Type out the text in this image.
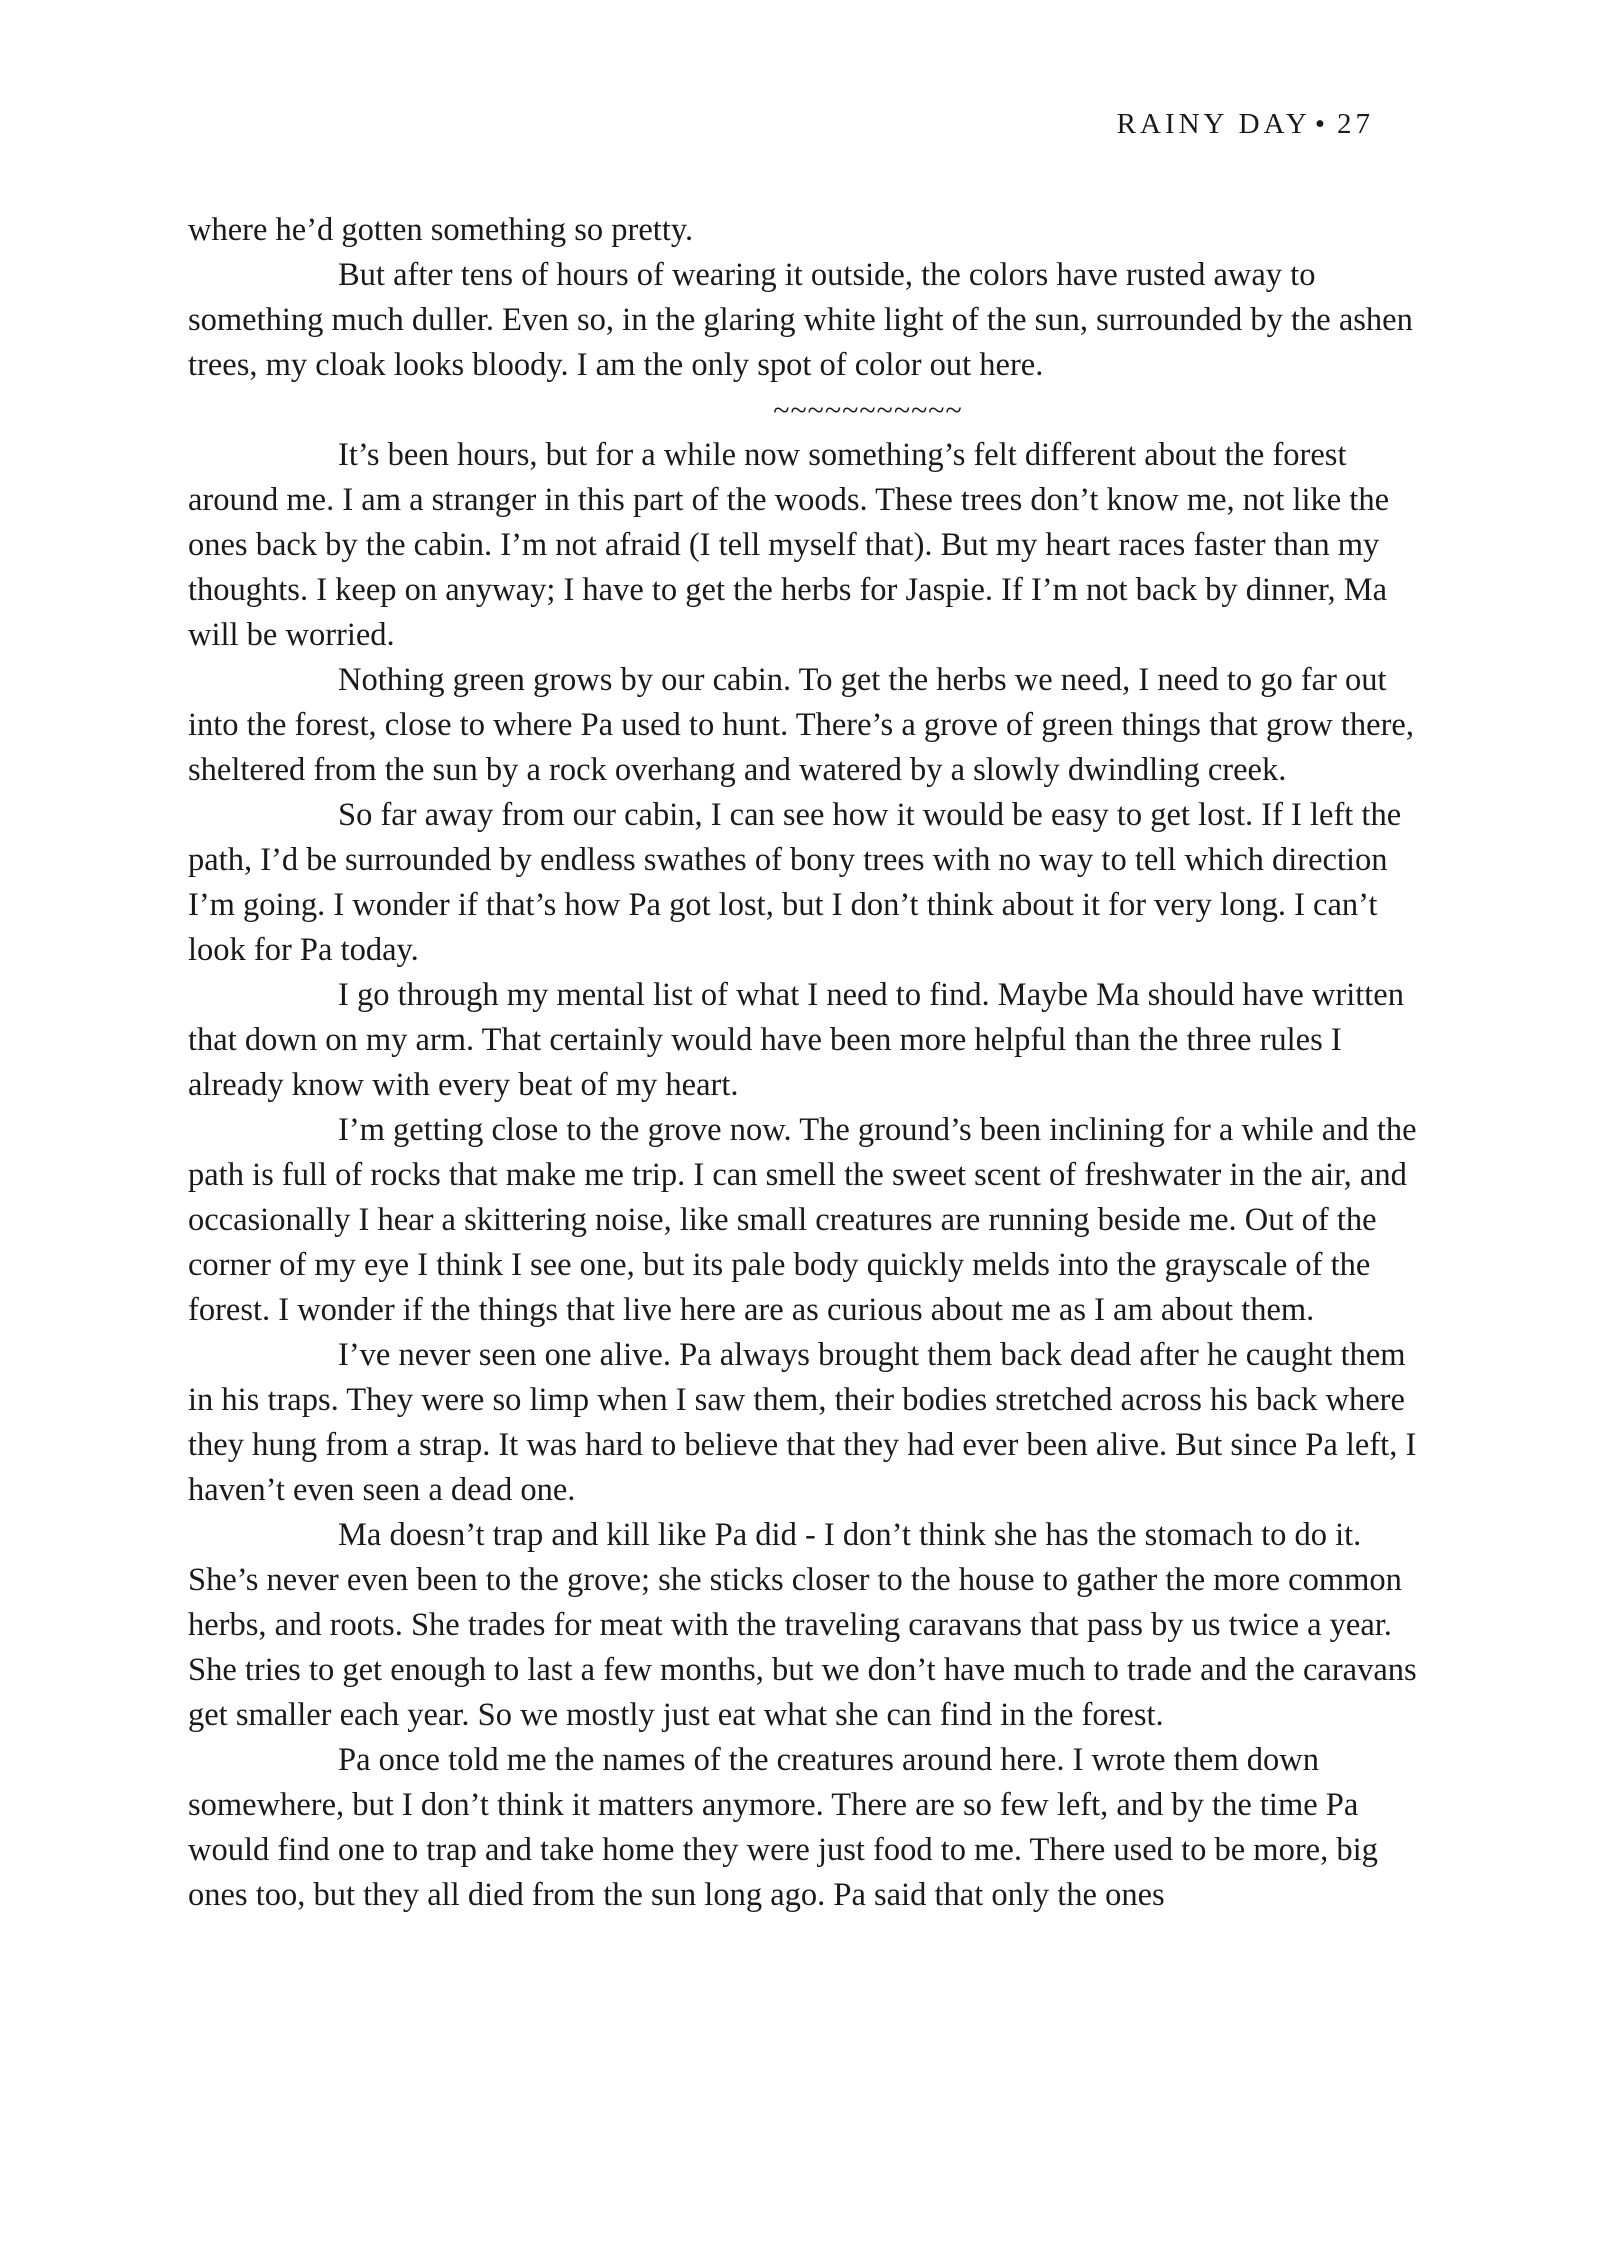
RAINY DAY • 27

where he’d gotten something so pretty.

But after tens of hours of wearing it outside, the colors have rusted away to something much duller. Even so, in the glaring white light of the sun, surrounded by the ashen trees, my cloak looks bloody. I am the only spot of color out here.

~~~~~~~~~~~

It’s been hours, but for a while now something’s felt different about the forest around me. I am a stranger in this part of the woods. These trees don’t know me, not like the ones back by the cabin. I’m not afraid (I tell myself that). But my heart races faster than my thoughts. I keep on anyway; I have to get the herbs for Jaspie. If I’m not back by dinner, Ma will be worried.

Nothing green grows by our cabin. To get the herbs we need, I need to go far out into the forest, close to where Pa used to hunt. There’s a grove of green things that grow there, sheltered from the sun by a rock overhang and watered by a slowly dwindling creek.

So far away from our cabin, I can see how it would be easy to get lost. If I left the path, I’d be surrounded by endless swathes of bony trees with no way to tell which direction I’m going. I wonder if that’s how Pa got lost, but I don’t think about it for very long. I can’t look for Pa today.

I go through my mental list of what I need to find. Maybe Ma should have written that down on my arm. That certainly would have been more helpful than the three rules I already know with every beat of my heart.

I’m getting close to the grove now. The ground’s been inclining for a while and the path is full of rocks that make me trip. I can smell the sweet scent of freshwater in the air, and occasionally I hear a skittering noise, like small creatures are running beside me. Out of the corner of my eye I think I see one, but its pale body quickly melds into the grayscale of the forest. I wonder if the things that live here are as curious about me as I am about them.

I’ve never seen one alive. Pa always brought them back dead after he caught them in his traps. They were so limp when I saw them, their bodies stretched across his back where they hung from a strap. It was hard to believe that they had ever been alive. But since Pa left, I haven’t even seen a dead one.

Ma doesn’t trap and kill like Pa did - I don’t think she has the stomach to do it. She’s never even been to the grove; she sticks closer to the house to gather the more common herbs, and roots. She trades for meat with the traveling caravans that pass by us twice a year. She tries to get enough to last a few months, but we don’t have much to trade and the caravans get smaller each year. So we mostly just eat what she can find in the forest.

Pa once told me the names of the creatures around here. I wrote them down somewhere, but I don’t think it matters anymore. There are so few left, and by the time Pa would find one to trap and take home they were just food to me. There used to be more, big ones too, but they all died from the sun long ago. Pa said that only the ones
